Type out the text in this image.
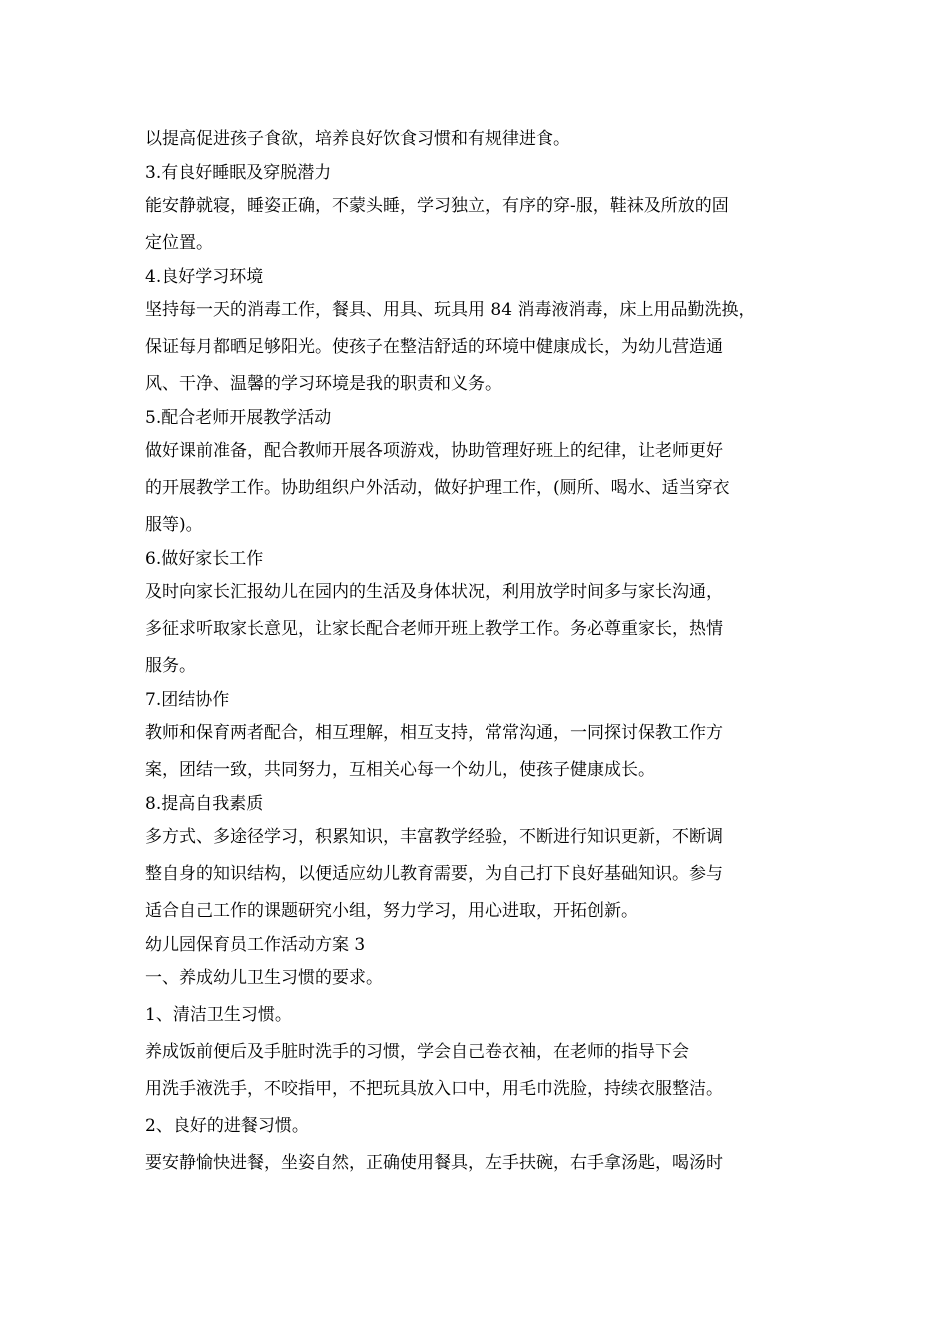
以提高促进孩子食欲，培养良好饮食习惯和有规律进食。

3.有良好睡眠及穿脱潜力

能安静就寝，睡姿正确，不蒙头睡，学习独立，有序的穿-服，鞋袜及所放的固

定位置。

4.良好学习环境

坚持每一天的消毒工作，餐具、用具、玩具用 84 消毒液消毒，床上用品勤洗换，

保证每月都晒足够阳光。使孩子在整洁舒适的环境中健康成长，为幼儿营造通

风、干净、温馨的学习环境是我的职责和义务。

5.配合老师开展教学活动

做好课前准备，配合教师开展各项游戏，协助管理好班上的纪律，让老师更好

的开展教学工作。协助组织户外活动，做好护理工作，(厕所、喝水、适当穿衣

服等)。

6.做好家长工作

及时向家长汇报幼儿在园内的生活及身体状况，利用放学时间多与家长沟通，

多征求听取家长意见，让家长配合老师开班上教学工作。务必尊重家长，热情

服务。

7.团结协作

教师和保育两者配合，相互理解，相互支持，常常沟通，一同探讨保教工作方

案，团结一致，共同努力，互相关心每一个幼儿，使孩子健康成长。

8.提高自我素质

多方式、多途径学习，积累知识，丰富教学经验，不断进行知识更新，不断调

整自身的知识结构，以便适应幼儿教育需要，为自己打下良好基础知识。参与

适合自己工作的课题研究小组，努力学习，用心进取，开拓创新。

幼儿园保育员工作活动方案 3

一、养成幼儿卫生习惯的要求。

1、清洁卫生习惯。

养成饭前便后及手脏时洗手的习惯，学会自己卷衣袖，在老师的指导下会

用洗手液洗手，不咬指甲，不把玩具放入口中，用毛巾洗脸，持续衣服整洁。

2、良好的进餐习惯。

要安静愉快进餐，坐姿自然，正确使用餐具，左手扶碗，右手拿汤匙，喝汤时
